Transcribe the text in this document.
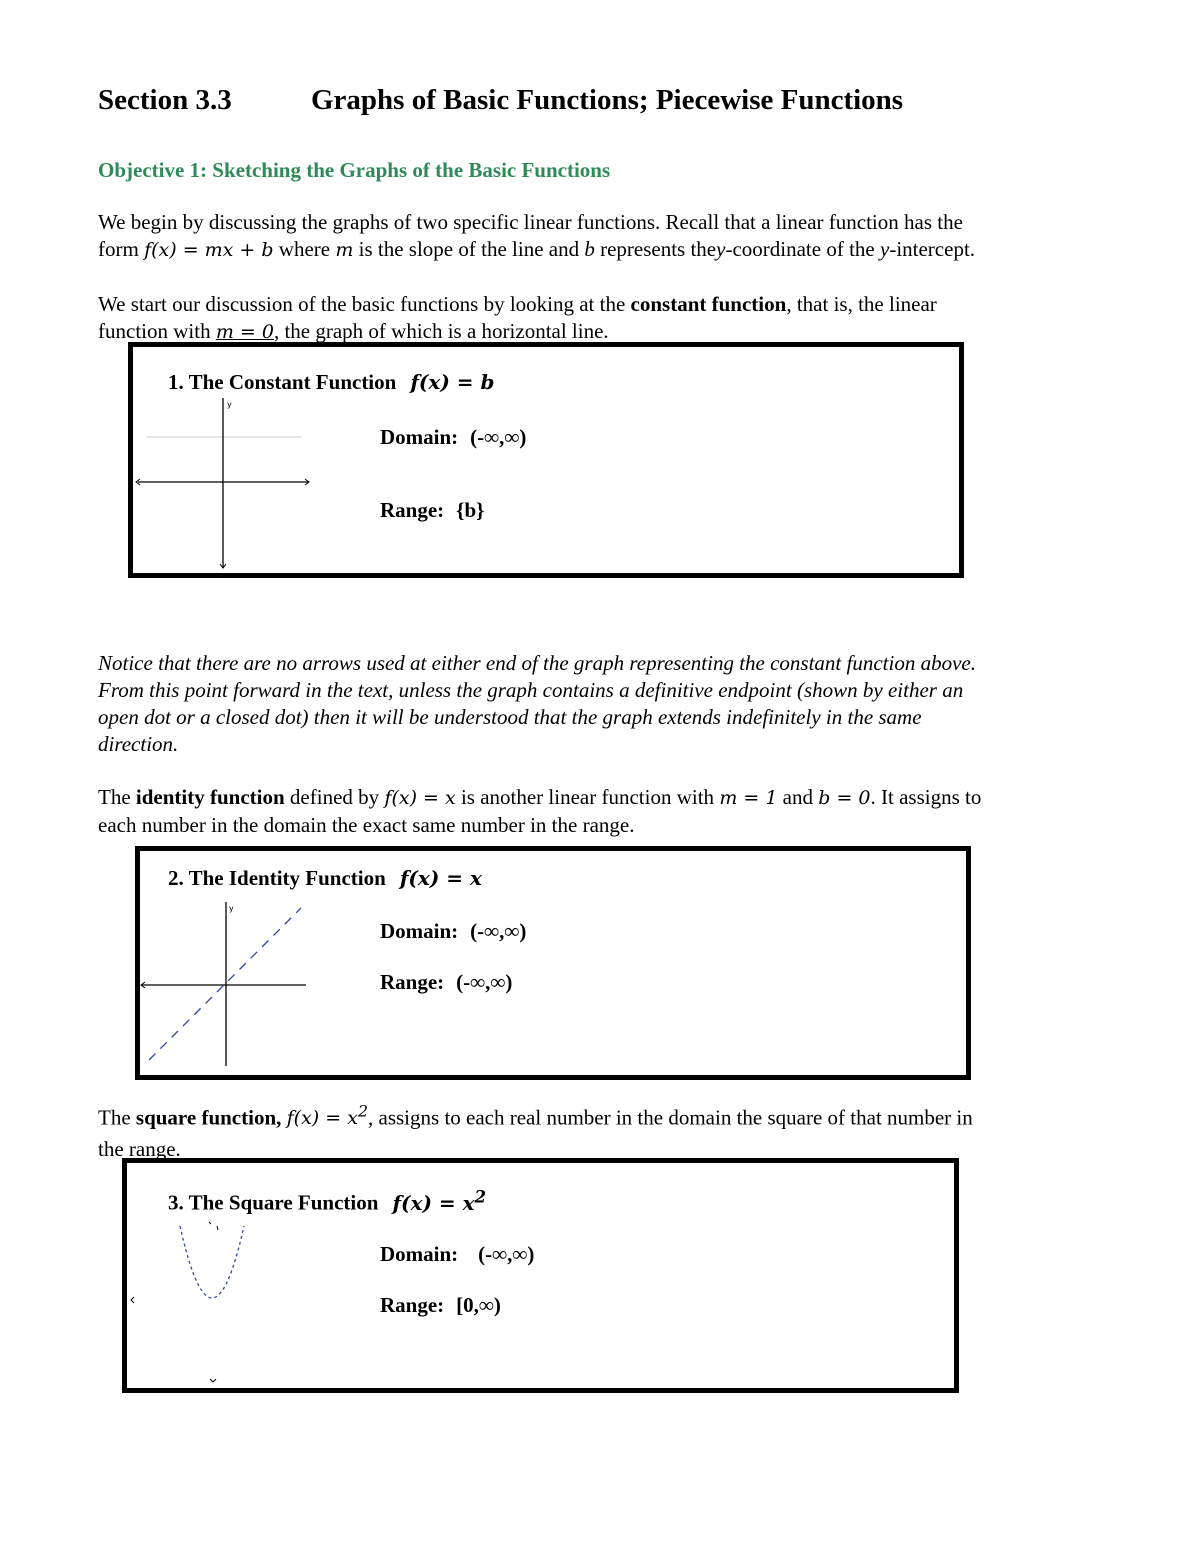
Section 3.3	Graphs of Basic Functions; Piecewise Functions
Objective 1: Sketching the Graphs of the Basic Functions
We begin by discussing the graphs of two specific linear functions. Recall that a linear function has the
form f(x) = mx + b where m is the slope of the line and b represents they-coordinate of the y-intercept.
We start our discussion of the basic functions by looking at the constant function, that is, the linear
function with m = 0, the graph of which is a horizontal line.
1. The Constant Function f(x) = b
y
Domain: (-∞,∞)
Range: {b}
Notice that there are no arrows used at either end of the graph representing the constant function above.
From this point forward in the text, unless the graph contains a definitive endpoint (shown by either an
open dot or a closed dot) then it will be understood that the graph extends indefinitely in the same
direction.
The identity function defined by f(x) = x is another linear function with m = 1 and b = 0. It assigns to
each number in the domain the exact same number in the range.
2. The Identity Function f(x) = x
y
Domain: (-∞,∞)
Range: (-∞,∞)
The square function, $f(x) = x^2$, assigns to each real number in the domain the square of that number in
the range.
3. The Square Function $f(x) = x^2$
Domain: (-∞,∞)
Range: [0,∞)
